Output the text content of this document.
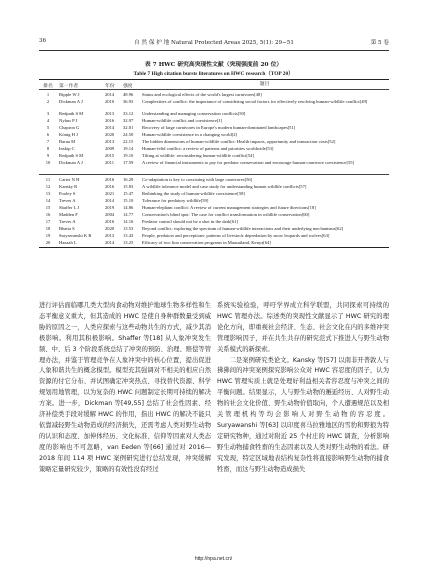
36	自 然 保 护 地 Natural Protected Areas 2025, 5(1): 29−51	第 5 卷
表 7 HWC 研究高突现性文献（突现强度前 20 位）
Table 7 High citation bursts literatures on HWC research（TOP 20）
排名	第一作者	年份 强度	题目
1	Ripple W J	2014 48.96 Status and ecological effects of the world's largest carnivores[48]
2	Dickman A J	2010 36.93 Complexities of conflict: the importance of considering social factors for effectively resolving human-wildlife conflict[49]
3	Redpath S M	2013 33.12 Understanding and managing conservation conflicts[50]
4	Nyhus P J	2016 32.97 Human-wildlife conflict and coexistence[1]
5	Chapron G	2014 32.01 Recovery of large carnivores in Europe's modern human-dominated landscapes[51]
6	König H J	2020 24.50 Human-wildlife coexistence in a changing world[2]
7	Barua M	2013 22.15 The hidden dimensions of human-wildlife conflict: Health impacts, opportunity and transaction costs[52]
8	Inskip C	2009 19.14 Human-felid conflict: a review of patterns and priorities worldwide[53]
9	Redpath S M	2015 19.10 Tilting at wildlife: reconsidering human-wildlife conflict[54]
10	Dickman A J	2011 17.59 A review of financial instruments to pay for predator conservation and encourage human-carnivore coexistence[55]
11	Carter N H	2016 16.29 Co-adaptation is key to coexisting with large carnivores[56]
12	Kansky R	2016 15.83 A wildlife tolerance model and case study for understanding human wildlife conflicts[57]
13	Pooley S	2021 15.47 Rethinking the study of human-wildlife coexistence[58]
14	Treves A	2014 15.10 Tolerance for predatory wildlife[59]
15	Shaffer L J	2019 14.86 Human-elephant conflict: A review of current management strategies and future directions[18]
16	Madden F	2004 14.77 Conservation's blind spot: The case for conflict transformation in wildlife conservation[60]
17	Treves A	2016 14.16 Predator control should not be a shot in the dark[61]
18	Bhatia S	2020 13.53 Beyond conflict: exploring the spectrum of human-wildlife interactions and their underlying mechanisms[62]
19	Suryawanshi K R	2013 13.43 People, predators and perceptions: patterns of livestock depredation by snow leopards and wolves[63]
20	Hazzah L	2014 13.25 Efficacy of two lion conservation programs in Maasailand, Kenya[64]

进行评估面临哪几类大型肉食动物对维护地球生物多样性和生态平衡意义重大，但其造成的 HWC 是使自身种群数量受到威胁的原因之一，人类应探索与这些动物共生的方式，减少其消极影响。利用其积极影响。Shaffer 等[18] 从人象冲突发生频、中、后 3 个阶段系统总结了冲突的预防、治理、赔偿等管理办法，并鉴于管理竞争在人象冲突中的核心位置，提出促进人象和谐共生的概念模型。模型充其强调对不相关的相应自然资源的付它分布、并试图确定冲突热点、寻找替代资源、科学规划用地管理，以为复杂的 HWC 问题制定长期可持续的解决方案。进一步，Dickman 等[49,55] 总结了社会性因素、经济补偿类手段对缓解 HWC 的作用，指出 HWC 的解决不能只依靠减轻野生动物造成的经济损失，还需考虑人类对野生动物的认识和态度、加伸体经历、文化标准、信仰等因素对人类态度的影响也不可忽略，van Eeden 等[66] 通过对 2016—2018 年间 114 项 HWC 案例研究进行总结发现，冲突缓解策略定量研究较少，策略的有效性没有经过

系统实验检验，呼吁学界成立科学联盟，共同探索可持续的 HWC 管理办法。综述类的突现性文献显示了 HWC 研究的理论化方向，即重视社会经济、生态、社会文化在内的多维冲突管理影响因子，并在共生共存的研究范式下推进人与野生动物关系模式的新探索。

二是案例研究类论文。Kansky 等[57] 以南非开普敦人与狒狒间的冲突案例探究影响公众对 HWC 容忍度的因子，认为 HWC 管理实质上就是处理好利益相关者容忍度与冲突之间的平衡问题。结果显示，人与野生动物的邂逅经历、人对野生动物的社会文化价值、野生动物价值取向，个人遭遇规范以及相关管理机构等均会影响人对野生动物的容忍度。Suryawanshi 等[63] 以印度喜马拉雅地区的雪豹和野狼为特定研究物种，通过对附近 25 个村庄的 HWC 调查，分析影响野生动物捕食牲畜的生态因素以及人类对野生动物的看法。研究发现，特定区域地表结构复杂性将直接影响野生动物的捕食牲畜，而这与野生动物造成损失

http://npa.net.cn/
